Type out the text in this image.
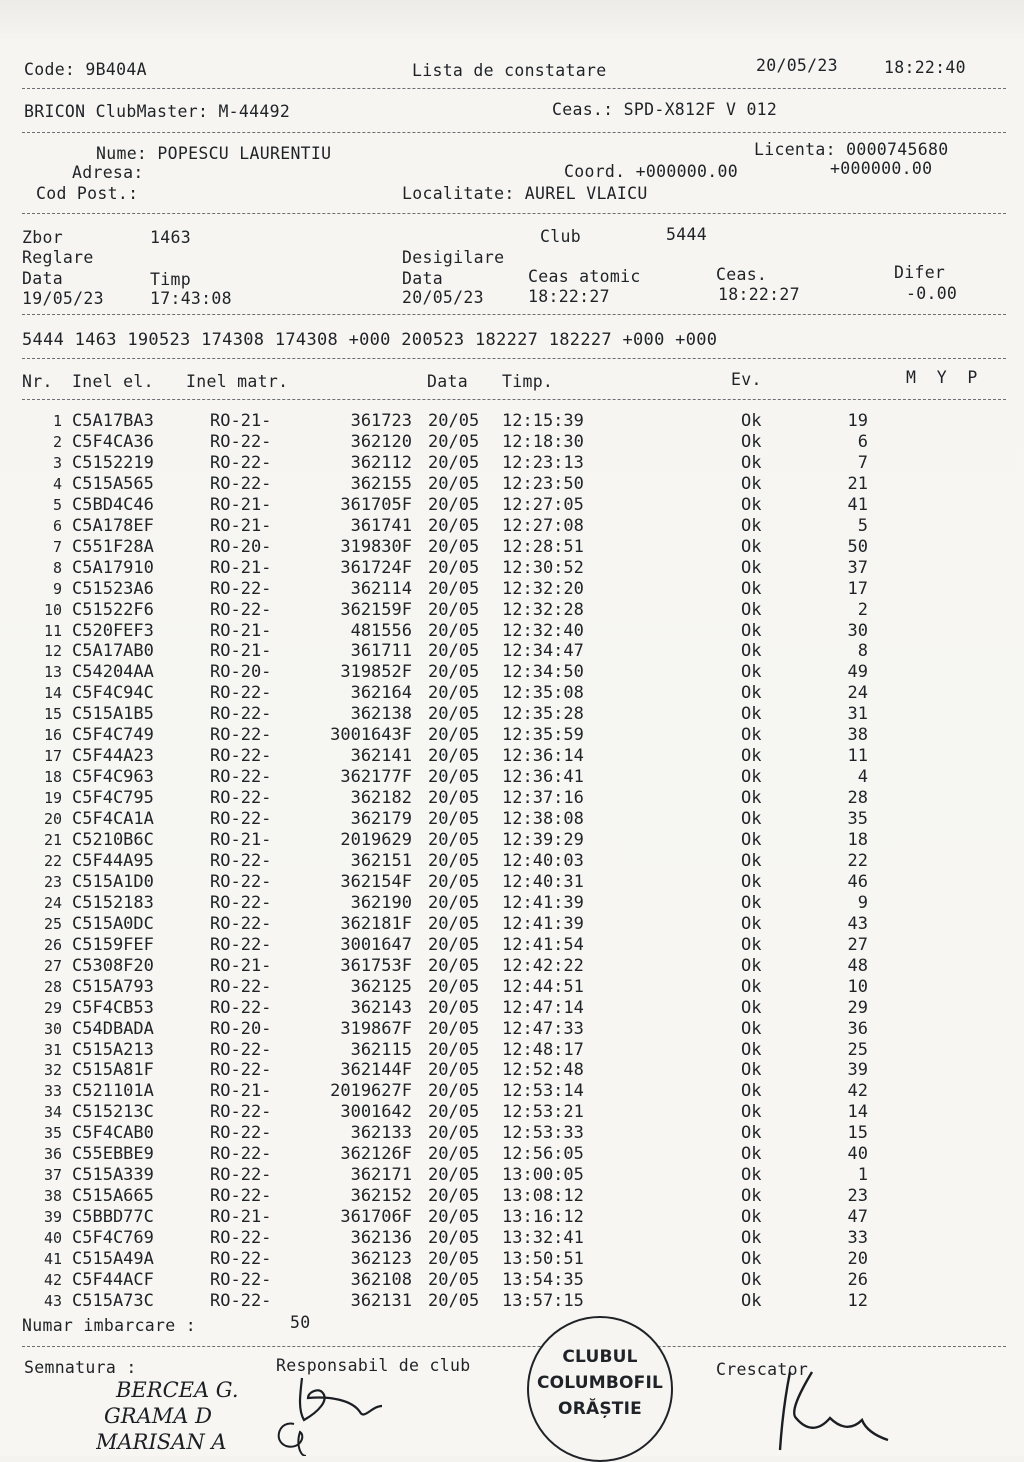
Code: 9B404A	Lista de constatare	20/05/23	18:22:40
BRICON ClubMaster: M-44492	Ceas.: SPD-X812F V 012
Nume: POPESCU LAURENTIU	Licenta: 0000745680
Adresa:	Coord. +000000.00	+000000.00
Cod Post.:	Localitate: AUREL VLAICU
Zbor	1463	Club	5444
Reglare	Desigilare
Data	Timp	Data	Ceas atomic	Ceas.	Difer
19/05/23	17:43:08	20/05/23	18:22:27	18:22:27	-0.00
5444 1463 190523 174308 174308 +000 200523 182227 182227 +000 +000
Nr. Inel el. Inel matr.	Data Timp.	Ev.	M  Y  P
1 C5A17BA3	RO-21-	361723 20/05 12:15:39	Ok	19
2 C5F4CA36	RO-22-	362120 20/05 12:18:30	Ok	6
3 C5152219	RO-22-	362112 20/05 12:23:13	Ok	7
4 C515A565	RO-22-	362155 20/05 12:23:50	Ok	21
5 C5BD4C46	RO-21-	361705F 20/05 12:27:05	Ok	41
6 C5A178EF	RO-21-	361741 20/05 12:27:08	Ok	5
7 C551F28A	RO-20-	319830F 20/05 12:28:51	Ok	50
8 C5A17910	RO-21-	361724F 20/05 12:30:52	Ok	37
9 C51523A6	RO-22-	362114 20/05 12:32:20	Ok	17
10 C51522F6	RO-22-	362159F 20/05 12:32:28	Ok	2
11 C520FEF3	RO-21-	481556 20/05 12:32:40	Ok	30
12 C5A17AB0	RO-21-	361711 20/05 12:34:47	Ok	8
13 C54204AA	RO-20-	319852F 20/05 12:34:50	Ok	49
14 C5F4C94C	RO-22-	362164 20/05 12:35:08	Ok	24
15 C515A1B5	RO-22-	362138 20/05 12:35:28	Ok	31
16 C5F4C749	RO-22-	3001643F 20/05 12:35:59	Ok	38
17 C5F44A23	RO-22-	362141 20/05 12:36:14	Ok	11
18 C5F4C963	RO-22-	362177F 20/05 12:36:41	Ok	4
19 C5F4C795	RO-22-	362182 20/05 12:37:16	Ok	28
20 C5F4CA1A	RO-22-	362179 20/05 12:38:08	Ok	35
21 C5210B6C	RO-21-	2019629 20/05 12:39:29	Ok	18
22 C5F44A95	RO-22-	362151 20/05 12:40:03	Ok	22
23 C515A1D0	RO-22-	362154F 20/05 12:40:31	Ok	46
24 C5152183	RO-22-	362190 20/05 12:41:39	Ok	9
25 C515A0DC	RO-22-	362181F 20/05 12:41:39	Ok	43
26 C5159FEF	RO-22-	3001647 20/05 12:41:54	Ok	27
27 C5308F20	RO-21-	361753F 20/05 12:42:22	Ok	48
28 C515A793	RO-22-	362125 20/05 12:44:51	Ok	10
29 C5F4CB53	RO-22-	362143 20/05 12:47:14	Ok	29
30 C54DBADA	RO-20-	319867F 20/05 12:47:33	Ok	36
31 C515A213	RO-22-	362115 20/05 12:48:17	Ok	25
32 C515A81F	RO-22-	362144F 20/05 12:52:48	Ok	39
33 C521101A	RO-21-	2019627F 20/05 12:53:14	Ok	42
34 C515213C	RO-22-	3001642 20/05 12:53:21	Ok	14
35 C5F4CAB0	RO-22-	362133 20/05 12:53:33	Ok	15
36 C55EBBE9	RO-22-	362126F 20/05 12:56:05	Ok	40
37 C515A339	RO-22-	362171 20/05 13:00:05	Ok	1
38 C515A665	RO-22-	362152 20/05 13:08:12	Ok	23
39 C5BBD77C	RO-21-	361706F 20/05 13:16:12	Ok	47
40 C5F4C769	RO-22-	362136 20/05 13:32:41	Ok	33
41 C515A49A	RO-22-	362123 20/05 13:50:51	Ok	20
42 C5F44ACF	RO-22-	362108 20/05 13:54:35	Ok	26
43 C515A73C	RO-22-	362131 20/05 13:57:15	Ok	12
Numar imbarcare :	50
Semnatura :	Responsabil de club	Crescator
BERCEA G.
GRAMA D
MARISAN A
CLUBUL
COLUMBOFIL
ORĂȘTIE
